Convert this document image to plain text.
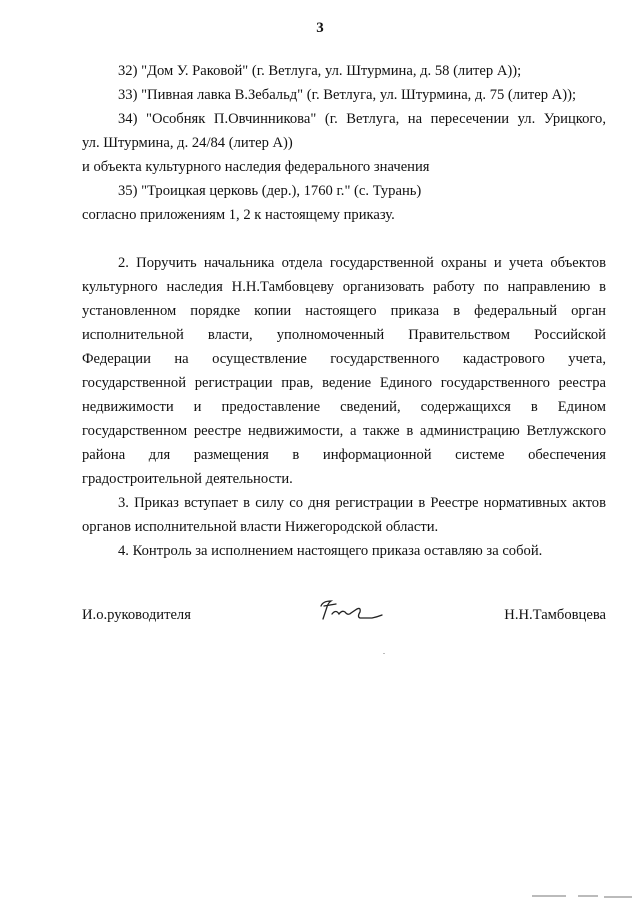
3
32) "Дом У. Раковой" (г. Ветлуга, ул. Штурмина, д. 58 (литер А));
33) "Пивная лавка В.Зебальд" (г. Ветлуга, ул. Штурмина, д. 75 (литер А));
34) "Особняк П.Овчинникова" (г. Ветлуга, на пересечении ул. Урицкого,
ул. Штурмина, д. 24/84 (литер А))
и объекта культурного наследия федерального значения
35) "Троицкая церковь (дер.), 1760 г." (с. Турань)
согласно приложениям 1, 2 к настоящему приказу.
2. Поручить начальника отдела государственной охраны и учета объектов
культурного наследия Н.Н.Тамбовцеву организовать работу по направлению в
установленном порядке копии настоящего приказа в федеральный орган
исполнительной власти, уполномоченный Правительством Российской
Федерации на осуществление государственного кадастрового учета,
государственной регистрации прав, ведение Единого государственного реестра
недвижимости и предоставление сведений, содержащихся в Едином
государственном реестре недвижимости, а также в администрацию Ветлужского
района для размещения в информационной системе обеспечения
градостроительной деятельности.
3. Приказ вступает в силу со дня регистрации в Реестре нормативных актов
органов исполнительной власти Нижегородской области.
4. Контроль за исполнением настоящего приказа оставляю за собой.
И.о.руководителя	Н.Н.Тамбовцева
